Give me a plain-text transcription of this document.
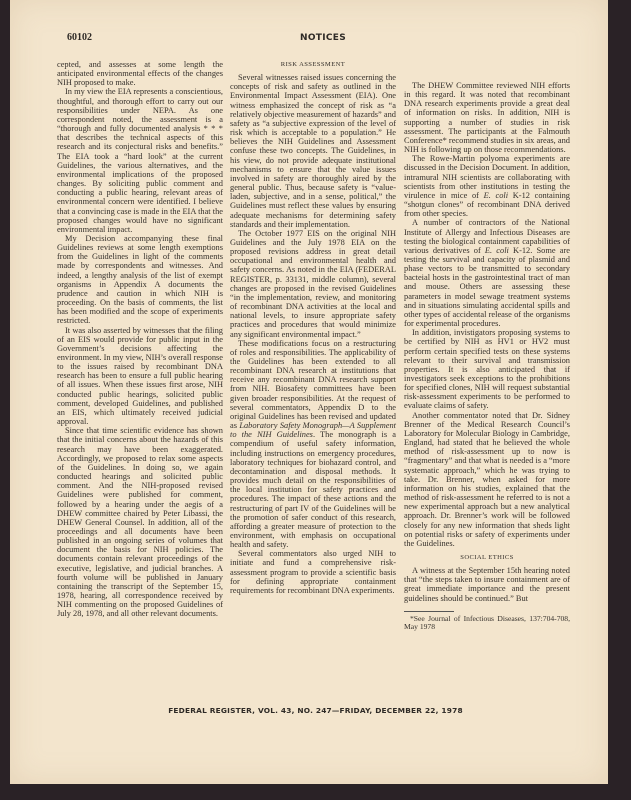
60102	NOTICES

cepted, and assesses at some length the anticipated environmental effects of the changes NIH proposed to make.

In my view the EIA represents a conscientious, thoughtful, and thorough effort to carry out our responsibilities under NEPA. As one correspondent noted, the assessment is a “thorough and fully documented analysis * * * that describes the technical aspects of this research and its conjectural risks and benefits.” The EIA took a “hard look” at the current Guidelines, the various alternatives, and the environmental implications of the proposed changes. By soliciting public comment and conducting a public hearing, relevant areas of environmental concern were identified. I believe that a convincing case is made in the EIA that the proposed changes would have no significant environmental impact.

My Decision accompanying these final Guidelines reviews at some length exemptions from the Guidelines in light of the comments made by correspondents and witnesses. And indeed, a lengthy analysis of the list of exempt organisms in Appendix A documents the prudence and caution in which NIH is proceeding. On the basis of comments, the list has been modified and the scope of experiments restricted.

It was also asserted by witnesses that the filing of an EIS would provide for public input in the Government’s decisions affecting the environment. In my view, NIH’s overall response to the issues raised by recombinant DNA research has been to ensure a full public hearing of all issues. When these issues first arose, NIH conducted public hearings, solicited public comment, developed Guidelines, and published an EIS, which ultimately received judicial approval.

Since that time scientific evidence has shown that the initial concerns about the hazards of this research may have been exaggerated. Accordingly, we proposed to relax some aspects of the Guidelines. In doing so, we again conducted hearings and solicited public comment. And the NIH-proposed revised Guidelines were published for comment, followed by a hearing under the aegis of a DHEW committee chaired by Peter Libassi, the DHEW General Counsel. In addition, all of the proceedings and all documents have been published in an ongoing series of volumes that document the basis for NIH policies. The documents contain relevant proceedings of the executive, legislative, and judicial branches. A fourth volume will be published in January containing the transcript of the September 15, 1978, hearing, all correspondence received by NIH commenting on the proposed Guidelines of July 28, 1978, and all other relevant documents.

RISK ASSESSMENT

Several witnesses raised issues concerning the concepts of risk and safety as outlined in the Environmental Impact Assessment (EIA). One witness emphasized the concept of risk as “a relatively objective measurement of hazards” and safety as “a subjective expression of the level of risk which is acceptable to a population.” He believes the NIH Guidelines and Assessment confuse these two concepts. The Guidelines, in his view, do not provide adequate institutional mechanisms to ensure that the value issues involved in safety are thoroughly aired by the general public. Thus, because safety is “value-laden, subjective, and in a sense, political,” the Guidelines must reflect these values by ensuring adequate mechanisms for determining safety standards and their implementation.

The October 1977 EIS on the original NIH Guidelines and the July 1978 EIA on the proposed revisions address in great detail occupational and environmental health and safety concerns. As noted in the EIA (FEDERAL REGISTER, p. 33131, middle column), several changes are proposed in the revised Guidelines “in the implementation, review, and monitoring of recombinant DNA activities at the local and national levels, to insure appropriate safety practices and procedures that would minimize any significant environmental impact.”

These modifications focus on a restructuring of roles and responsibilities. The applicability of the Guidelines has been extended to all recombinant DNA research at institutions that receive any recombinant DNA research support from NIH. Biosafety committees have been given broader responsibilities. At the request of several commentators, Appendix D to the original Guidelines has been revised and updated as Laboratory Safety Monograph—A Supplement to the NIH Guidelines. The monograph is a compendium of useful safety information, including instructions on emergency procedures, laboratory techniques for biohazard control, and decontamination and disposal methods. It provides much detail on the responsibilities of the local institution for safety practices and procedures. The impact of these actions and the restructuring of part IV of the Guidelines will be the promotion of safer conduct of this research, affording a greater measure of protection to the environment, with emphasis on occupational health and safety.

Several commentators also urged NIH to initiate and fund a comprehensive risk-assessment program to provide a scientific basis for defining appropriate containment requirements for recombinant DNA experiments.

The DHEW Committee reviewed NIH efforts in this regard. It was noted that recombinant DNA research experiments provide a great deal of information on risks. In addition, NIH is supporting a number of studies in risk assessment. The participants at the Falmouth Conference* recommend studies in six areas, and NIH is following up on those recommendations.

The Rowe-Martin polyoma experiments are discussed in the Decision Document. In addition, intramural NIH scientists are collaborating with scientists from other institutions in testing the virulence in mice of E. coli K-12 containing “shotgun clones” of recombinant DNA derived from other species.

A number of contractors of the National Institute of Allergy and Infectious Diseases are testing the biological containment capabilities of various derivatives of E. coli K-12. Some are testing the survival and capacity of plasmid and phase vectors to be transmitted to secondary bacteial hosts in the gastrointestinal tract of man and mouse. Others are assessing these parameters in model sewage treatment systems and in situations simulating accidental spills and other types of accidental release of the organisms for experimental procedures.

In addition, invistigators proposing systems to be certified by NIH as HV1 or HV2 must perform certain specified tests on these systems relevant to their survival and transmission properties. It is also anticipated that if investigators seek exceptions to the prohibitions for specified clones, NIH will request substantial risk-assessment experiments to be performed to evaluate claims of safety.

Another commentator noted that Dr. Sidney Brenner of the Medical Research Council’s Laboratory for Molecular Biology in Cambridge, England, had stated that he believed the whole method of risk-assessment up to now is “fragmentary” and that what is needed is a “more systematic approach,” which he was trying to take. Dr. Brenner, when asked for more information on his studies, explained that the method of risk-assessment he referred to is not a new experimental approach but a new analytical approach. Dr. Brenner’s work will be followed closely for any new information that sheds light on potential risks or safety of experiments under the Guidelines.

SOCIAL ETHICS

A witness at the September 15th hearing noted that “the steps taken to insure containment are of great immediate importance and the present guidelines should be continued.” But

*See Journal of Infectious Diseases, 137:704-708, May 1978

FEDERAL REGISTER, VOL. 43, NO. 247—FRIDAY, DECEMBER 22, 1978
